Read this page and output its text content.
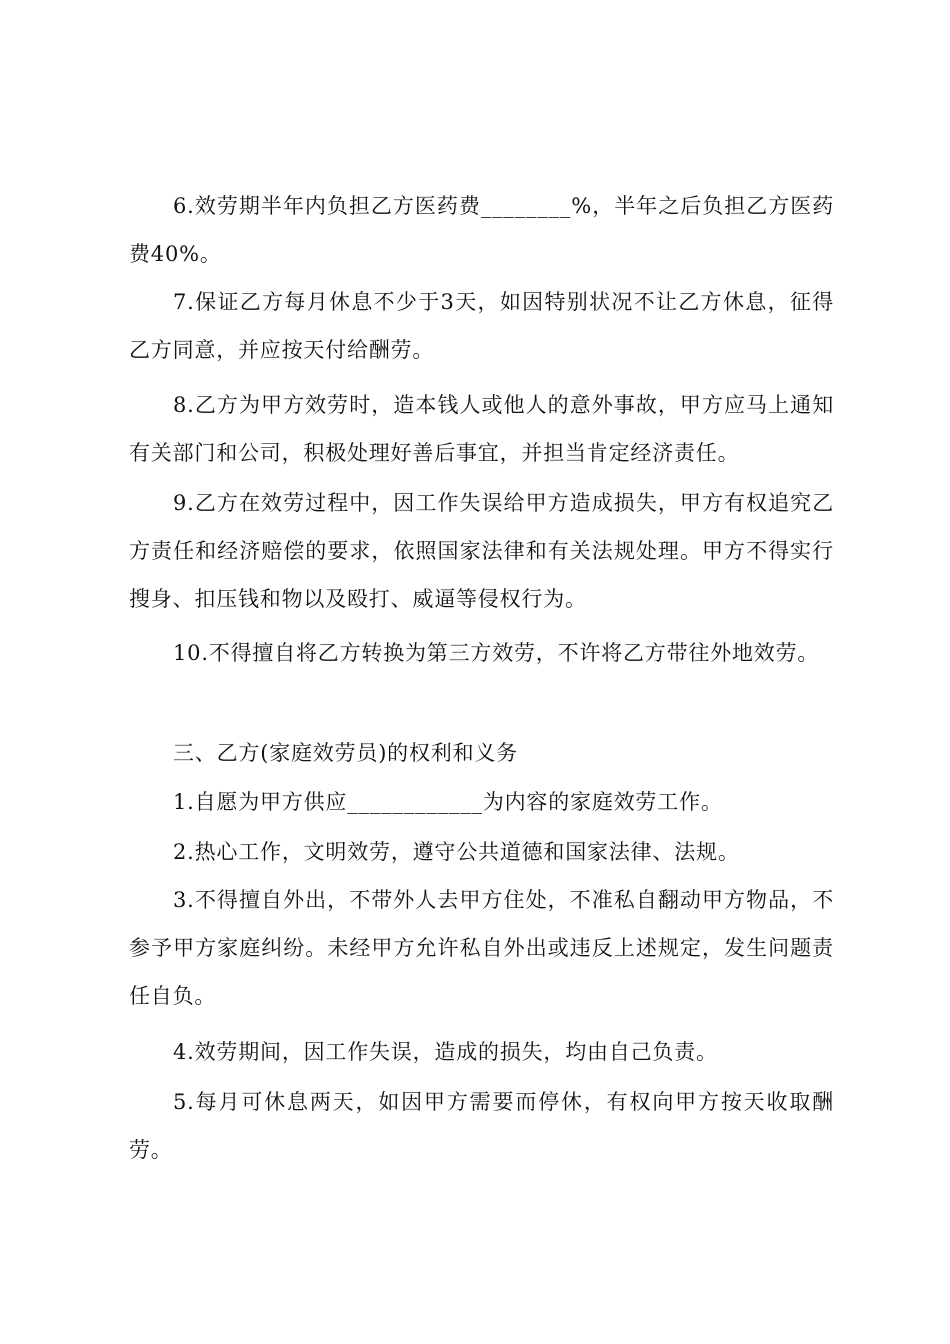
6.效劳期半年内负担乙方医药费________%，半年之后负担乙方医药费40%。

7.保证乙方每月休息不少于3天，如因特别状况不让乙方休息，征得乙方同意，并应按天付给酬劳。

8.乙方为甲方效劳时，造本钱人或他人的意外事故，甲方应马上通知有关部门和公司，积极处理好善后事宜，并担当肯定经济责任。

9.乙方在效劳过程中，因工作失误给甲方造成损失，甲方有权追究乙方责任和经济赔偿的要求，依照国家法律和有关法规处理。甲方不得实行搜身、扣压钱和物以及殴打、威逼等侵权行为。

10.不得擅自将乙方转换为第三方效劳，不许将乙方带往外地效劳。

三、乙方(家庭效劳员)的权利和义务

1.自愿为甲方供应____________为内容的家庭效劳工作。

2.热心工作，文明效劳，遵守公共道德和国家法律、法规。

3.不得擅自外出，不带外人去甲方住处，不准私自翻动甲方物品，不参予甲方家庭纠纷。未经甲方允许私自外出或违反上述规定，发生问题责任自负。

4.效劳期间，因工作失误，造成的损失，均由自己负责。

5.每月可休息两天，如因甲方需要而停休，有权向甲方按天收取酬劳。
